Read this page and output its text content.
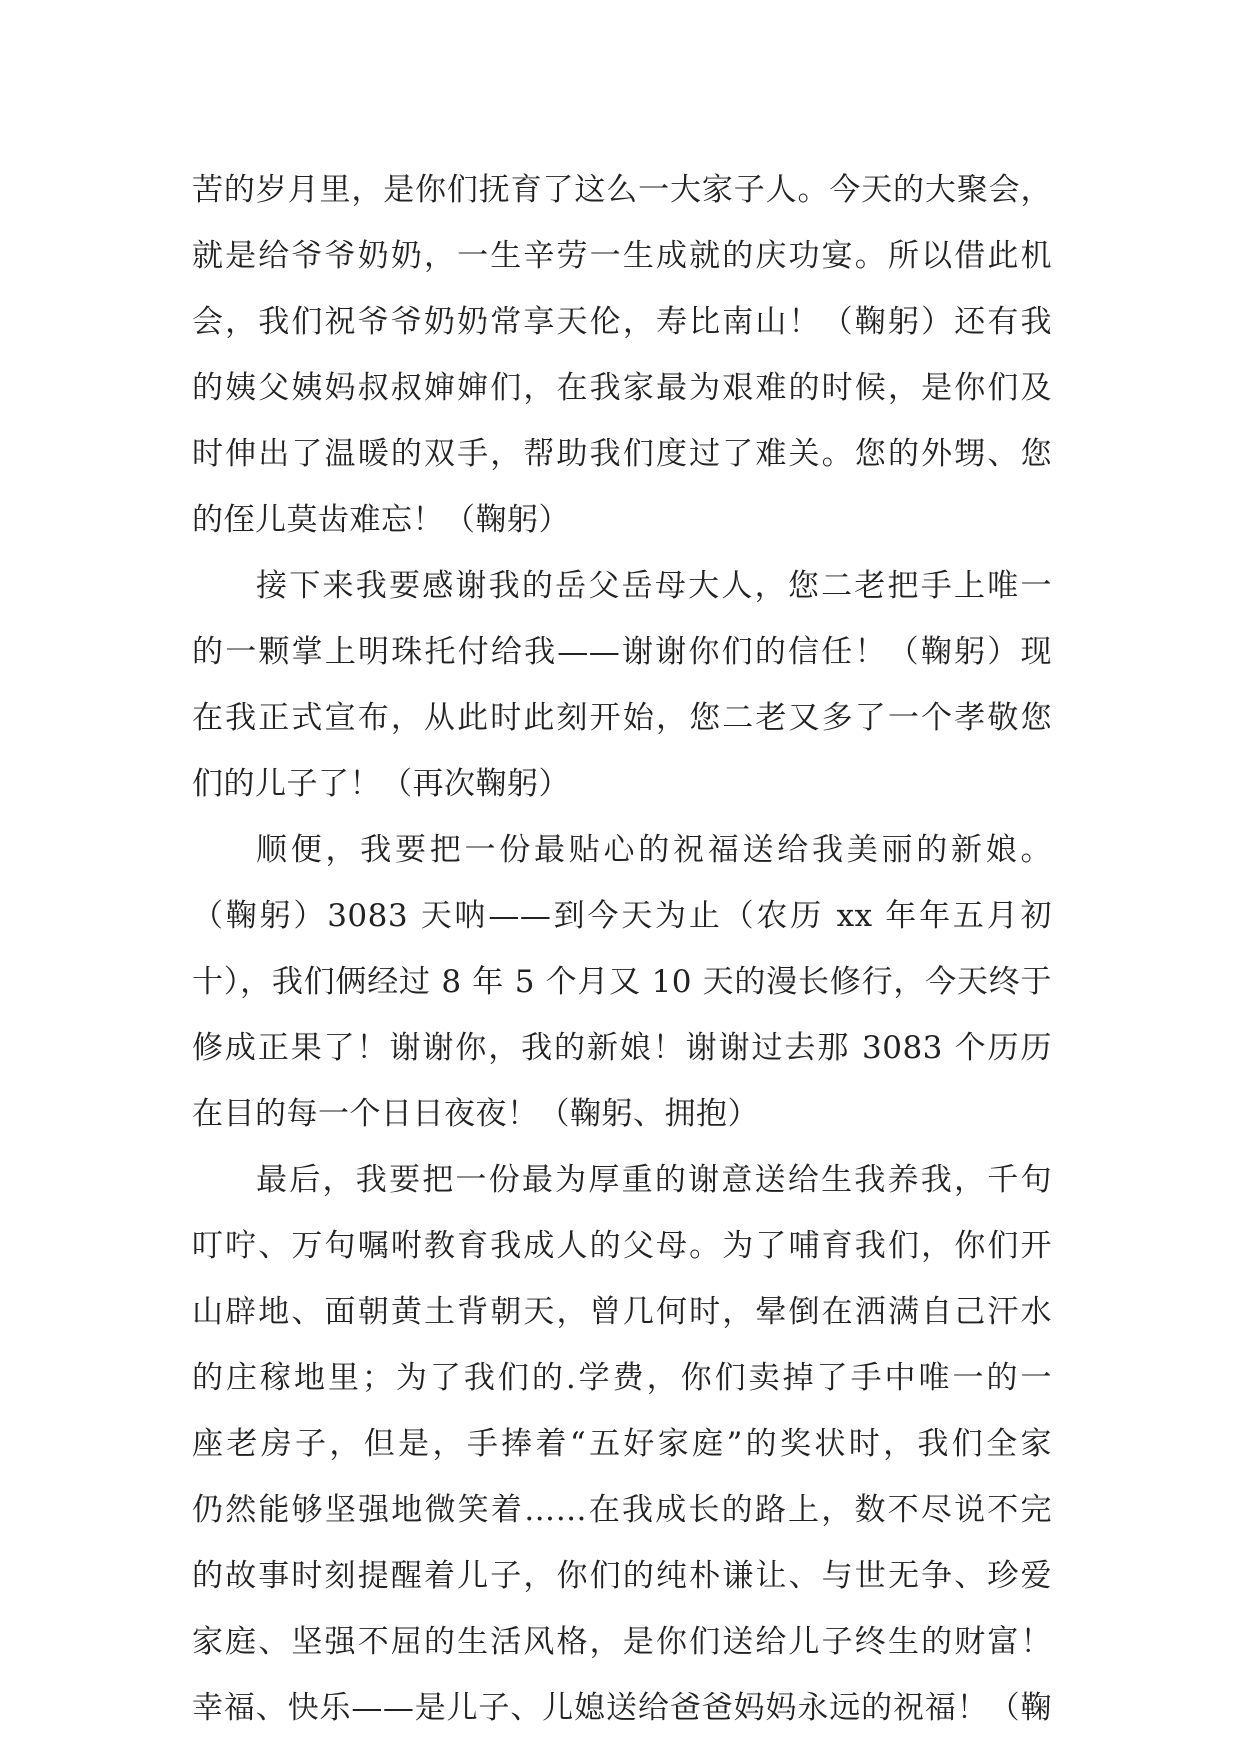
苦的岁月里，是你们抚育了这么一大家子人。今天的大聚会，
就是给爷爷奶奶，一生辛劳一生成就的庆功宴。所以借此机
会，我们祝爷爷奶奶常享天伦，寿比南山！（鞠躬）还有我
的姨父姨妈叔叔婶婶们，在我家最为艰难的时候，是你们及
时伸出了温暖的双手，帮助我们度过了难关。您的外甥、您
的侄儿莫齿难忘！（鞠躬）
接下来我要感谢我的岳父岳母大人，您二老把手上唯一
的一颗掌上明珠托付给我——谢谢你们的信任！（鞠躬）现
在我正式宣布，从此时此刻开始，您二老又多了一个孝敬您
们的儿子了！（再次鞠躬）
顺便，我要把一份最贴心的祝福送给我美丽的新娘。
（鞠躬）3083 天呐——到今天为止（农历 xx 年年五月初
十），我们俩经过 8 年 5 个月又 10 天的漫长修行，今天终于
修成正果了！谢谢你，我的新娘！谢谢过去那 3083 个历历
在目的每一个日日夜夜！（鞠躬、拥抱）
最后，我要把一份最为厚重的谢意送给生我养我，千句
叮咛、万句嘱咐教育我成人的父母。为了哺育我们，你们开
山辟地、面朝黄土背朝天，曾几何时，晕倒在洒满自己汗水
的庄稼地里；为了我们的.学费，你们卖掉了手中唯一的一
座老房子，但是，手捧着“五好家庭”的奖状时，我们全家
仍然能够坚强地微笑着……在我成长的路上，数不尽说不完
的故事时刻提醒着儿子，你们的纯朴谦让、与世无争、珍爱
家庭、坚强不屈的生活风格，是你们送给儿子终生的财富！
幸福、快乐——是儿子、儿媳送给爸爸妈妈永远的祝福！（鞠
